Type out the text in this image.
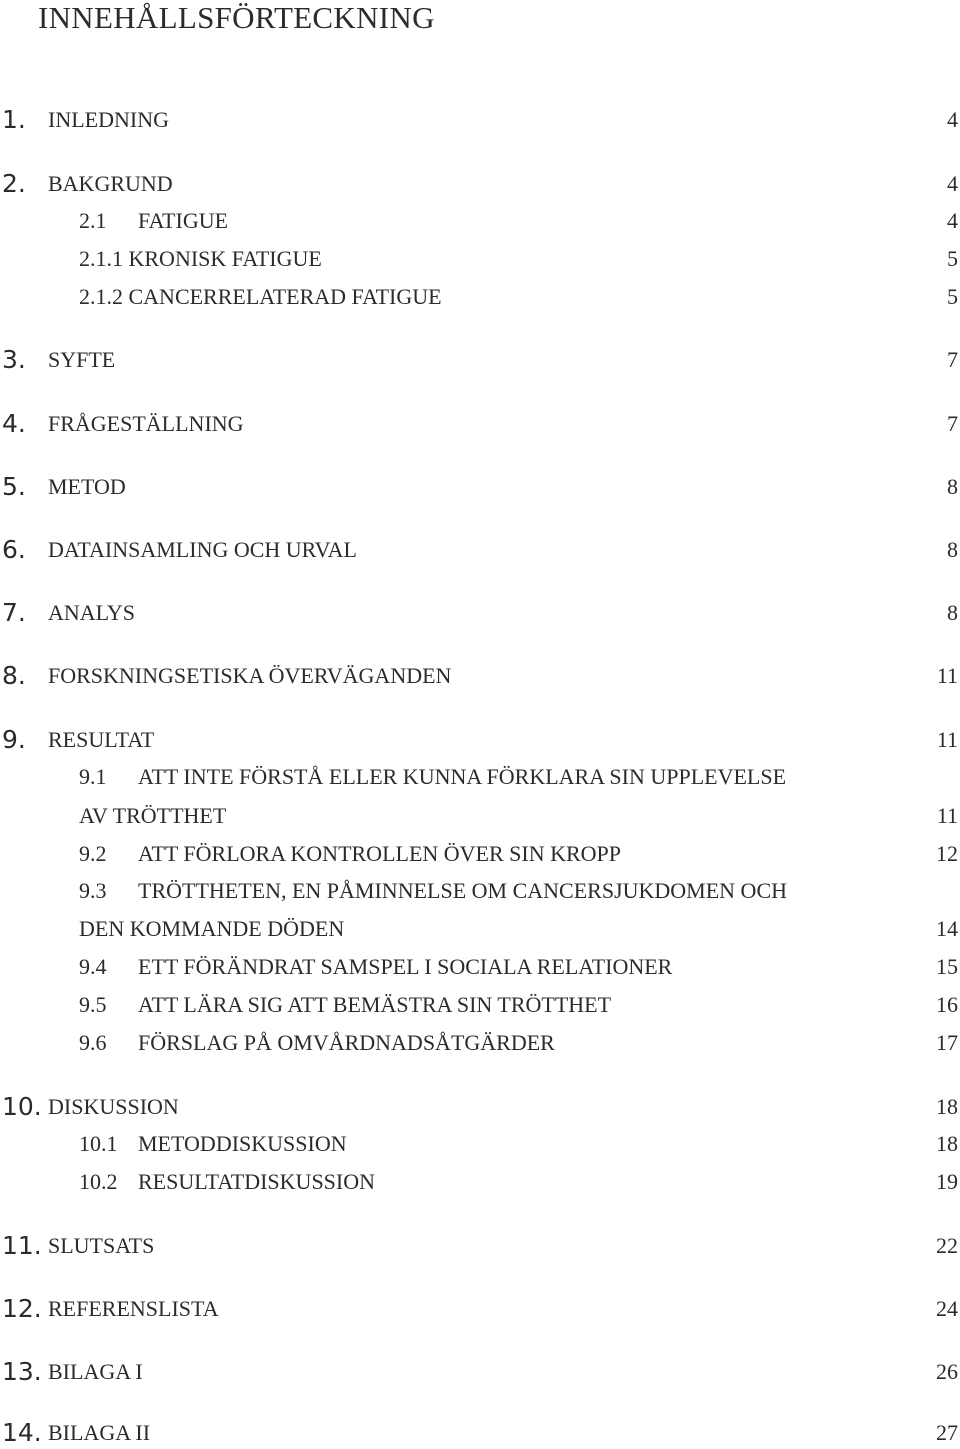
INNEHÅLLSFÖRTECKNING
1. INLEDNING	4
2. BAKGRUND	4
2.1 FATIGUE	4
2.1.1 KRONISK FATIGUE	5
2.1.2 CANCERRELATERAD FATIGUE	5
3. SYFTE	7
4. FRÅGESTÄLLNING	7
5. METOD	8
6. DATAINSAMLING OCH URVAL	8
7. ANALYS	8
8. FORSKNINGSETISKA ÖVERVÄGANDEN	11
9. RESULTAT	11
9.1 ATT INTE FÖRSTÅ ELLER KUNNA FÖRKLARA SIN UPPLEVELSE
AV TRÖTTHET	11
9.2 ATT FÖRLORA KONTROLLEN ÖVER SIN KROPP	12
9.3 TRÖTTHETEN, EN PÅMINNELSE OM CANCERSJUKDOMEN OCH
DEN KOMMANDE DÖDEN	14
9.4 ETT FÖRÄNDRAT SAMSPEL I SOCIALA RELATIONER	15
9.5 ATT LÄRA SIG ATT BEMÄSTRA SIN TRÖTTHET	16
9.6 FÖRSLAG PÅ OMVÅRDNADSÅTGÄRDER	17
10. DISKUSSION	18
10.1 METODDISKUSSION	18
10.2 RESULTATDISKUSSION	19
11. SLUTSATS	22
12. REFERENSLISTA	24
13. BILAGA I	26
14. BILAGA II	27
